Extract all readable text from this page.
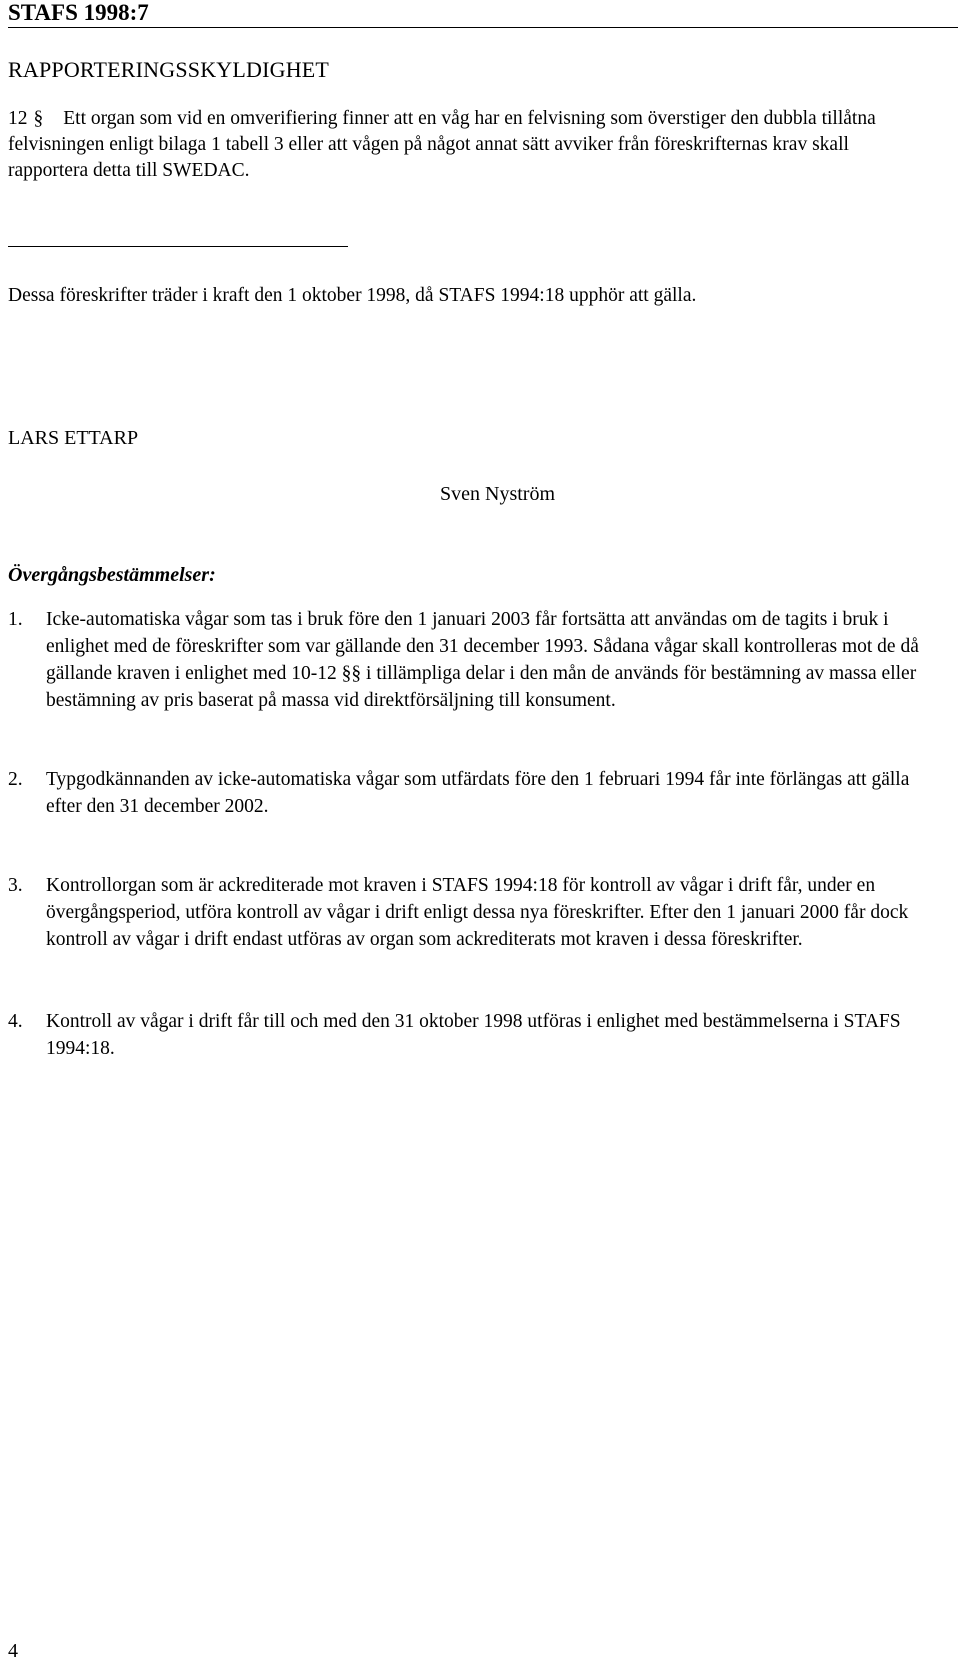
STAFS 1998:7
RAPPORTERINGSSKYLDIGHET
12 § Ett organ som vid en omverifiering finner att en våg har en felvisning som överstiger den dubbla tillåtna felvisningen enligt bilaga 1 tabell 3 eller att vågen på något annat sätt avviker från föreskrifternas krav skall rapportera detta till SWEDAC.
Dessa föreskrifter träder i kraft den 1 oktober 1998, då STAFS 1994:18 upphör att gälla.
LARS ETTARP
Sven Nyström
Övergångsbestämmelser:
1. Icke-automatiska vågar som tas i bruk före den 1 januari 2003 får fortsätta att användas om de tagits i bruk i enlighet med de föreskrifter som var gällande den 31 december 1993. Sådana vågar skall kontrolleras mot de då gällande kraven i enlighet med 10-12 §§ i tillämpliga delar i den mån de används för bestämning av massa eller bestämning av pris baserat på massa vid direktförsäljning till konsument.
2. Typgodkännanden av icke-automatiska vågar som utfärdats före den 1 februari 1994 får inte förlängas att gälla efter den 31 december 2002.
3. Kontrollorgan som är ackrediterade mot kraven i STAFS 1994:18 för kontroll av vågar i drift får, under en övergångsperiod, utföra kontroll av vågar i drift enligt dessa nya föreskrifter. Efter den 1 januari 2000 får dock kontroll av vågar i drift endast utföras av organ som ackrediterats mot kraven i dessa föreskrifter.
4. Kontroll av vågar i drift får till och med den 31 oktober 1998 utföras i enlighet med bestämmelserna i STAFS 1994:18.
4
